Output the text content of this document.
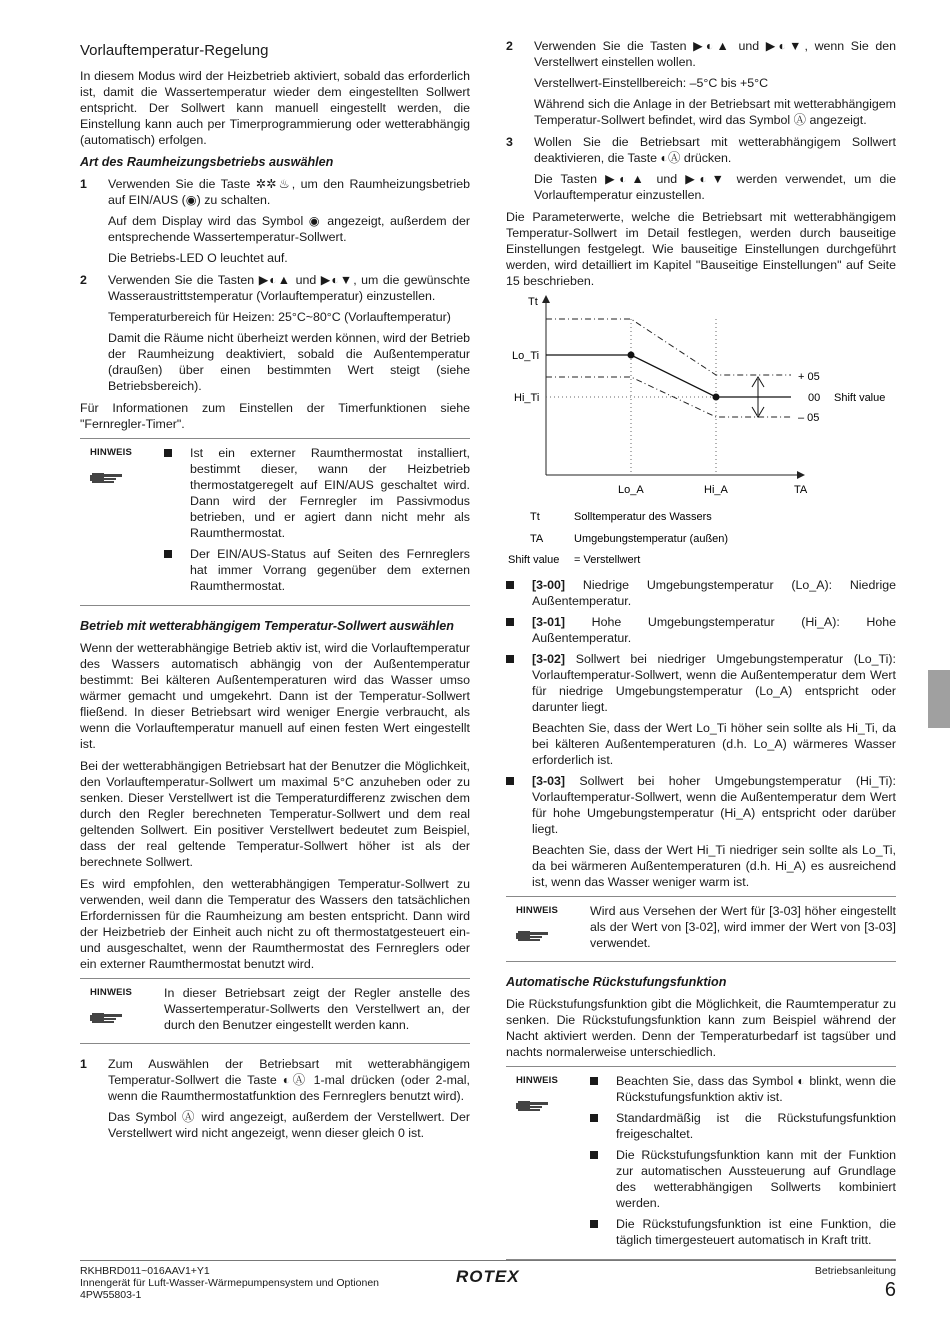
Vorlauftemperatur-Regelung

In diesem Modus wird der Heizbetrieb aktiviert, sobald das erforderlich ist, damit die Wassertemperatur wieder dem eingestellten Sollwert entspricht. Der Sollwert kann manuell eingestellt werden, die Einstellung kann auch per Timerprogrammierung oder wetterabhängig (automatisch) erfolgen.

Art des Raumheizungsbetriebs auswählen
1 Verwenden Sie die Taste ✲✲♨, um den Raumheizungsbetrieb auf EIN/AUS (◉) zu schalten.

Auf dem Display wird das Symbol ◉ angezeigt, außerdem der entsprechende Wassertemperatur-Sollwert.

Die Betriebs-LED O leuchtet auf.

2 Verwenden Sie die Tasten ▶◐▲ und ▶◐▼, um die gewünschte Wasseraustrittstemperatur (Vorlauftemperatur) einzustellen.

Temperaturbereich für Heizen: 25°C~80°C (Vorlauftemperatur)

Damit die Räume nicht überheizt werden können, wird der Betrieb der Raumheizung deaktiviert, sobald die Außentemperatur (draußen) über einen bestimmten Wert steigt (siehe Betriebsbereich).

Für Informationen zum Einstellen der Timerfunktionen siehe "Fernregler-Timer".

HINWEIS	Ist ein externer Raumthermostat installiert, bestimmt dieser, wann der Heizbetrieb thermostatgeregelt auf EIN/AUS geschaltet wird. Dann wird der Fernregler im Passivmodus betrieben, und er agiert dann nicht mehr als Raumthermostat.
Der EIN/AUS-Status auf Seiten des Fernreglers hat immer Vorrang gegenüber dem externen Raumthermostat.
Betrieb mit wetterabhängigem Temperatur-Sollwert auswählen

Wenn der wetterabhängige Betrieb aktiv ist, wird die Vorlauftemperatur des Wassers automatisch abhängig von der Außentemperatur bestimmt: Bei kälteren Außentemperaturen wird das Wasser umso wärmer gemacht und umgekehrt. Dann ist der Temperatur-Sollwert fließend. In dieser Betriebsart wird weniger Energie verbraucht, als wenn die Vorlauftemperatur manuell auf einen festen Wert eingestellt ist.

Bei der wetterabhängigen Betriebsart hat der Benutzer die Möglichkeit, den Vorlauftemperatur-Sollwert um maximal 5°C anzuheben oder zu senken. Dieser Verstellwert ist die Temperaturdifferenz zwischen dem durch den Regler berechneten Temperatur-Sollwert und dem real geltenden Sollwert. Ein positiver Verstellwert bedeutet zum Beispiel, dass der real geltende Temperatur-Sollwert höher ist als der berechnete Sollwert.

Es wird empfohlen, den wetterabhängigen Temperatur-Sollwert zu verwenden, weil dann die Temperatur des Wassers den tatsächlichen Erfordernissen für die Raumheizung am besten entspricht. Dann wird der Heizbetrieb der Einheit auch nicht zu oft thermostatgesteuert ein- und ausgeschaltet, wenn der Raumthermostat des Fernreglers oder ein externer Raumthermostat benutzt wird.

HINWEIS	In dieser Betriebsart zeigt der Regler anstelle des Wassertemperatur-Sollwerts den Verstellwert an, der durch den Benutzer eingestellt werden kann.

1 Zum Auswählen der Betriebsart mit wetterabhängigem Temperatur-Sollwert die Taste ◐Ⓐ 1-mal drücken (oder 2-mal, wenn die Raumthermostatfunktion des Fernreglers benutzt wird).

Das Symbol Ⓐ wird angezeigt, außerdem der Verstellwert. Der Verstellwert wird nicht angezeigt, wenn dieser gleich 0 ist.

2 Verwenden Sie die Tasten ▶◐▲ und ▶◐▼, wenn Sie den Verstellwert einstellen wollen.

Verstellwert-Einstellbereich: –5°C bis +5°C

Während sich die Anlage in der Betriebsart mit wetterabhängigem Temperatur-Sollwert befindet, wird das Symbol Ⓐ angezeigt.

3 Wollen Sie die Betriebsart mit wetterabhängigem Sollwert deaktivieren, die Taste ◐Ⓐ drücken.

Die Tasten ▶◐▲ und ▶◐▼ werden verwendet, um die Vorlauftemperatur einzustellen.

Die Parameterwerte, welche die Betriebsart mit wetterabhängigem Temperatur-Sollwert im Detail festlegen, werden durch bauseitige Einstellungen festgelegt. Wie bauseitige Einstellungen durchgeführt werden, wird detailliert im Kapitel "Bauseitige Einstellungen" auf Seite 15 beschrieben.

Tt
TA
Lo_Ti
Hi_Ti
Lo_A	Hi_A
+ 05
00
– 05
Shift value
Tt	Solltemperatur des Wassers
TA	Umgebungstemperatur (außen)
Shift value = Verstellwert
[3-00] Niedrige Umgebungstemperatur (Lo_A): Niedrige Außentemperatur.
[3-01] Hohe Umgebungstemperatur (Hi_A): Hohe Außentemperatur.
[3-02] Sollwert bei niedriger Umgebungstemperatur (Lo_Ti): Vorlauftemperatur-Sollwert, wenn die Außentemperatur dem Wert für niedrige Umgebungstemperatur (Lo_A) entspricht oder darunter liegt.
Beachten Sie, dass der Wert Lo_Ti höher sein sollte als Hi_Ti, da bei kälteren Außentemperaturen (d.h. Lo_A) wärmeres Wasser erforderlich ist.
[3-03] Sollwert bei hoher Umgebungstemperatur (Hi_Ti): Vorlauftemperatur-Sollwert, wenn die Außentemperatur dem Wert für hohe Umgebungstemperatur (Hi_A) entspricht oder darüber liegt.
Beachten Sie, dass der Wert Hi_Ti niedriger sein sollte als Lo_Ti, da bei wärmeren Außentemperaturen (d.h. Hi_A) es ausreichend ist, wenn das Wasser weniger warm ist.
HINWEIS	Wird aus Versehen der Wert für [3-03] höher eingestellt als der Wert von [3-02], wird immer der Wert von [3-03] verwendet.

Automatische Rückstufungsfunktion

Die Rückstufungsfunktion gibt die Möglichkeit, die Raumtemperatur zu senken. Die Rückstufungsfunktion kann zum Beispiel während der Nacht aktiviert werden. Denn der Temperaturbedarf ist tagsüber und nachts normalerweise unterschiedlich.

HINWEIS	Beachten Sie, dass das Symbol ◐ blinkt, wenn die Rückstufungsfunktion aktiv ist.
Standardmäßig ist die Rückstufungsfunktion freigeschaltet.
Die Rückstufungsfunktion kann mit der Funktion zur automatischen Aussteuerung auf Grundlage des wetterabhängigen Sollwerts kombiniert werden.
Die Rückstufungsfunktion ist eine Funktion, die täglich timergesteuert automatisch in Kraft tritt.
RKHBRD011~016AAV1+Y1
Innengerät für Luft-Wasser-Wärmepumpensystem und Optionen
4PW55803-1
ROTEX	Betriebsanleitung
6
